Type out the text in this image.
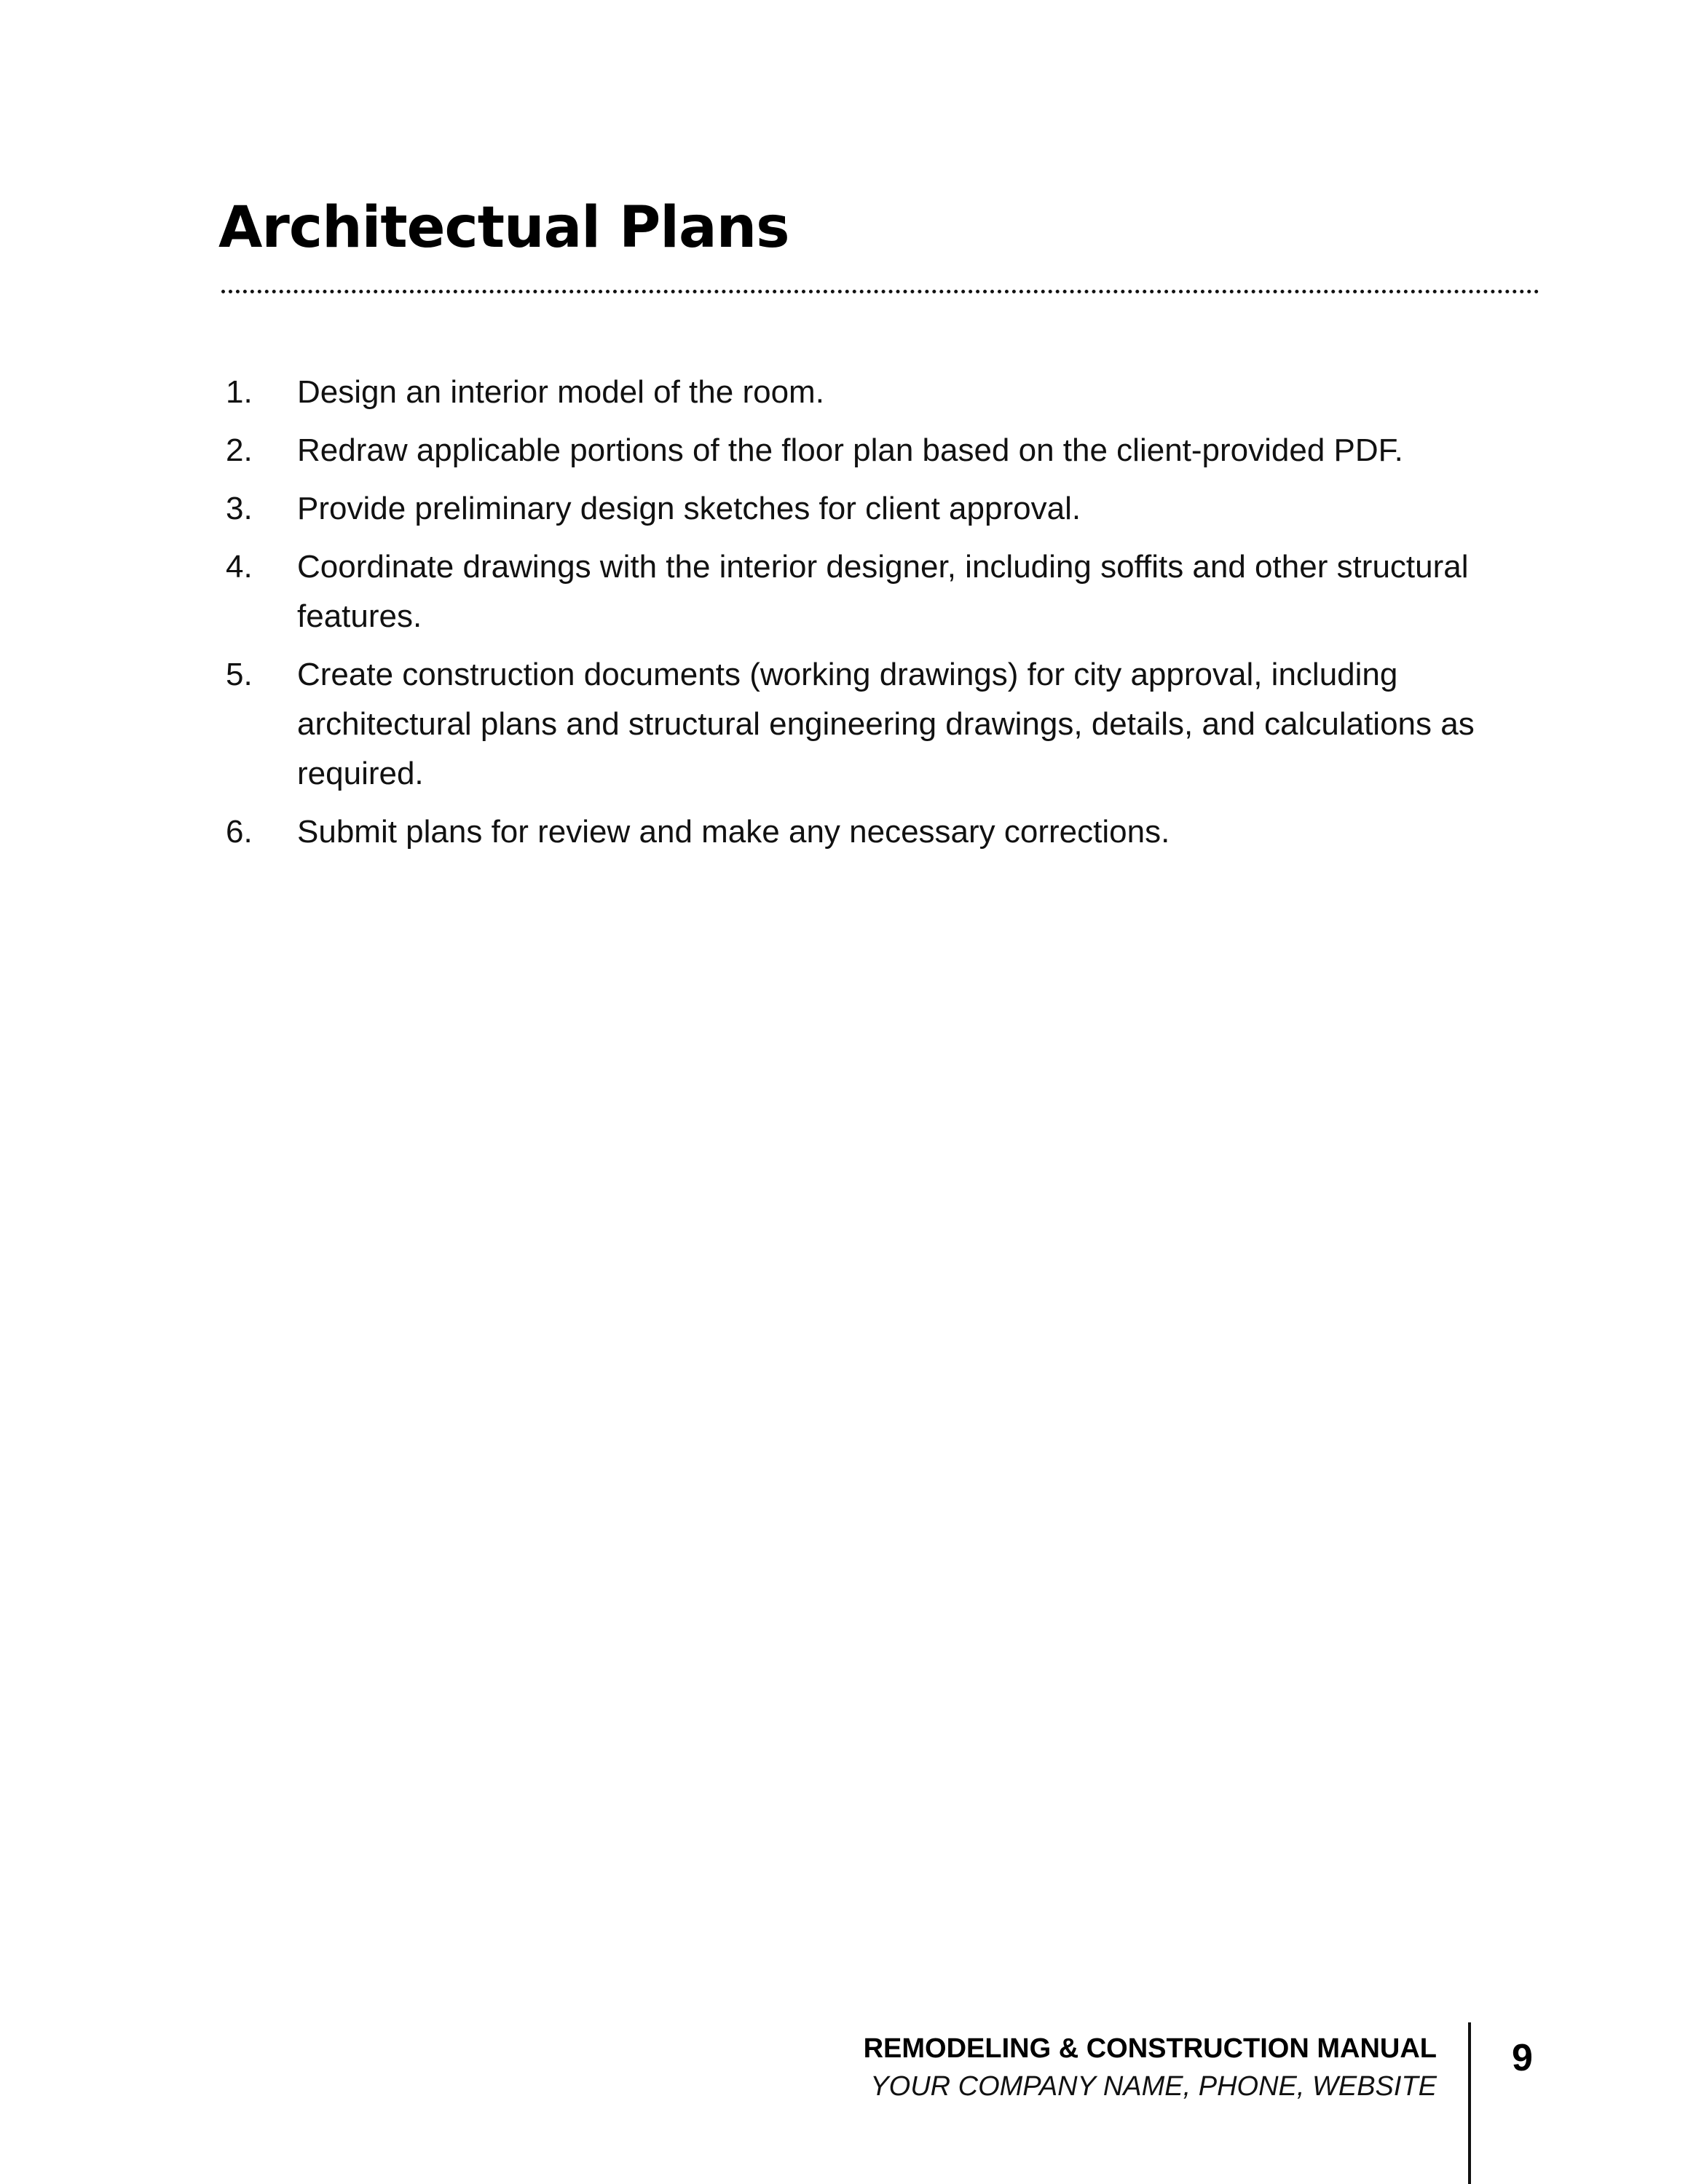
Architectual Plans
1.	Design an interior model of the room.
2.	Redraw applicable portions of the floor plan based on the client-provided PDF.
3.	Provide preliminary design sketches for client approval.
4.	Coordinate drawings with the interior designer, including soffits and other structural features.
5.	Create construction documents (working drawings) for city approval, including architectural plans and structural engineering drawings, details, and calculations as required.
6.	Submit plans for review and make any necessary corrections.
REMODELING & CONSTRUCTION MANUAL
YOUR COMPANY NAME, PHONE, WEBSITE
9
